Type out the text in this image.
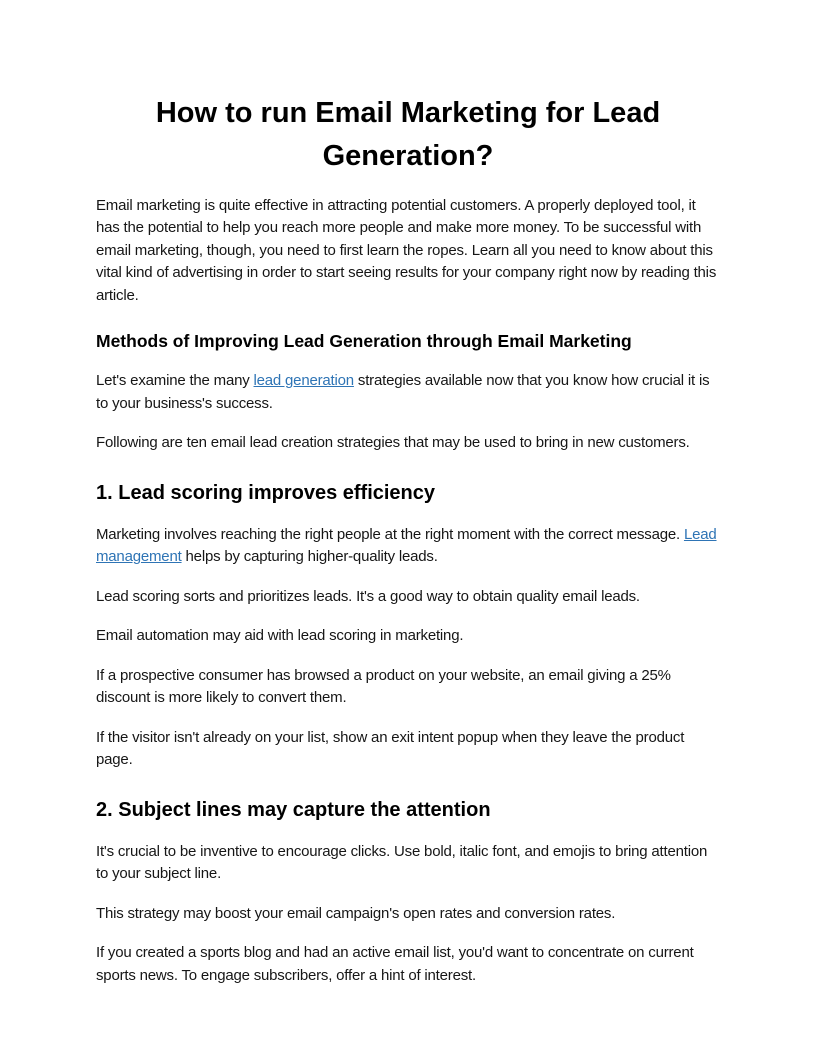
How to run Email Marketing for Lead Generation?

Email marketing is quite effective in attracting potential customers. A properly deployed tool, it has the potential to help you reach more people and make more money. To be successful with email marketing, though, you need to first learn the ropes. Learn all you need to know about this vital kind of advertising in order to start seeing results for your company right now by reading this article.

Methods of Improving Lead Generation through Email Marketing

Let's examine the many lead generation strategies available now that you know how crucial it is to your business's success.

Following are ten email lead creation strategies that may be used to bring in new customers.

1. Lead scoring improves efficiency

Marketing involves reaching the right people at the right moment with the correct message. Lead management helps by capturing higher-quality leads.

Lead scoring sorts and prioritizes leads. It's a good way to obtain quality email leads.

Email automation may aid with lead scoring in marketing.

If a prospective consumer has browsed a product on your website, an email giving a 25% discount is more likely to convert them.

If the visitor isn't already on your list, show an exit intent popup when they leave the product page.

2. Subject lines may capture the attention

It's crucial to be inventive to encourage clicks. Use bold, italic font, and emojis to bring attention to your subject line.

This strategy may boost your email campaign's open rates and conversion rates.

If you created a sports blog and had an active email list, you'd want to concentrate on current sports news. To engage subscribers, offer a hint of interest.
